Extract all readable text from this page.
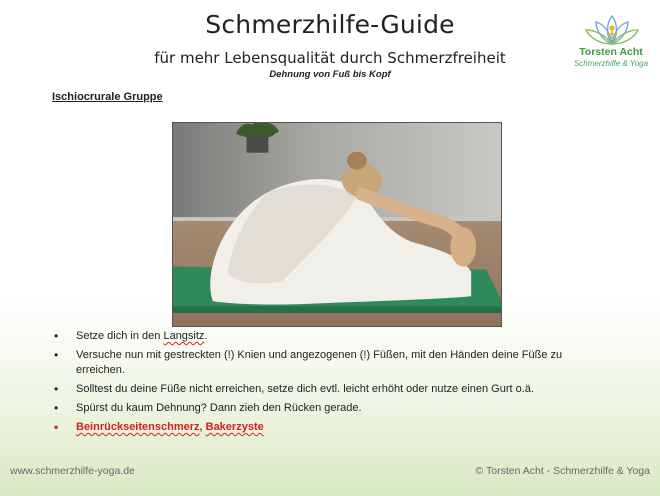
Schmerzhilfe-Guide
für mehr Lebensqualität durch Schmerzfreiheit
Dehnung von Fuß bis Kopf
Torsten Acht
Schmerzhilfe & Yoga
Ischiocrurale Gruppe
• Setze dich in den Langsitz.
• Versuche nun mit gestreckten (!) Knien und angezogenen (!) Füßen, mit den Händen deine Füße zu erreichen.
• Solltest du deine Füße nicht erreichen, setze dich evtl. leicht erhöht oder nutze einen Gurt o.ä.
• Spürst du kaum Dehnung? Dann zieh den Rücken gerade.
• Beinrückseitenschmerz, Bakerzyste
www.schmerzhilfe-yoga.de	© Torsten Acht - Schmerzhilfe & Yoga
